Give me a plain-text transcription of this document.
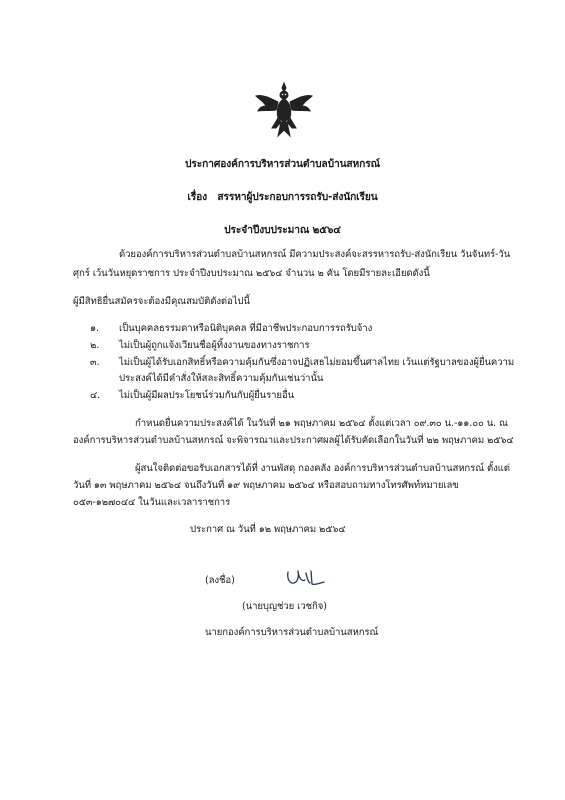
ประกาศองค์การบริหารส่วนตำบลบ้านสหกรณ์
เรื่อง สรรหาผู้ประกอบการรถรับ-ส่งนักเรียน
ประจำปีงบประมาณ ๒๕๖๔
ด้วยองค์การบริหารส่วนตำบลบ้านสหกรณ์ มีความประสงค์จะสรรหารถรับ-ส่งนักเรียน วันจันทร์-วัน
ศุกร์ เว้นวันหยุดราชการ ประจำปีงบประมาณ ๒๕๖๔ จำนวน ๒ คัน โดยมีรายละเอียดดังนี้
ผู้มีสิทธิยื่นสมัครจะต้องมีคุณสมบัติดังต่อไปนี้
๑. เป็นบุคคลธรรมดาหรือนิติบุคคล ที่มีอาชีพประกอบการรถรับจ้าง
๒. ไม่เป็นผู้ถูกแจ้งเวียนชื่อผู้ทิ้งงานของทางราชการ
๓. ไม่เป็นผู้ได้รับเอกสิทธิ์หรือความคุ้มกันซึ่งอาจปฏิเสธไม่ยอมขึ้นศาลไทย เว้นแต่รัฐบาลของผู้ยื่นความ
ประสงค์ได้มีคำสั่งให้สละสิทธิ์ความคุ้มกันเช่นว่านั้น
๔. ไม่เป็นผู้มีผลประโยชน์ร่วมกันกับผู้ยื่นรายอื่น
กำหนดยื่นความประสงค์ได้ ในวันที่ ๒๑ พฤษภาคม ๒๕๖๔ ตั้งแต่เวลา ๐๙.๓๐ น.-๑๑.๐๐ น. ณ
องค์การบริหารส่วนตำบลบ้านสหกรณ์ จะพิจารณาและประกาศผลผู้ได้รับคัดเลือกในวันที่ ๒๒ พฤษภาคม ๒๕๖๔
ผู้สนใจติดต่อขอรับเอกสารได้ที่ งานพัสดุ กองคลัง องค์การบริหารส่วนตำบลบ้านสหกรณ์ ตั้งแต่
วันที่ ๑๓ พฤษภาคม ๒๕๖๔ จนถึงวันที่ ๑๙ พฤษภาคม ๒๕๖๔ หรือสอบถามทางโทรศัพท์หมายเลข
๐๕๓-๑๒๗๐๔๔ ในวันและเวลาราชการ
ประกาศ ณ วันที่ ๑๒ พฤษภาคม ๒๕๖๔
(ลงชื่อ)
(นายบุญช่วย เวชกิจ)
นายกองค์การบริหารส่วนตำบลบ้านสหกรณ์
